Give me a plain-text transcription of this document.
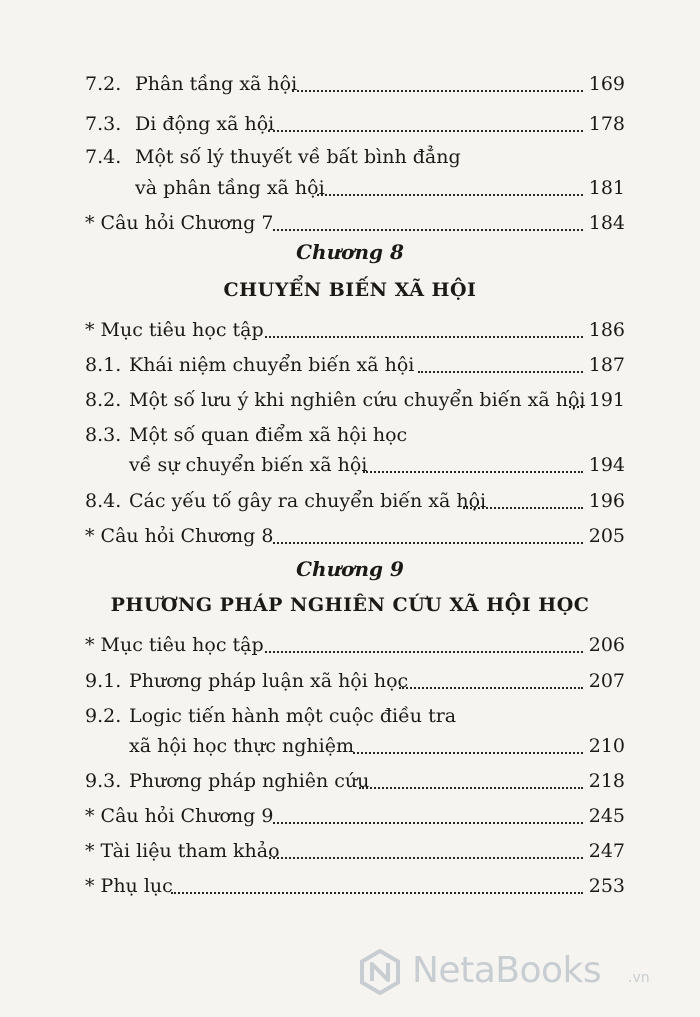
7.2. Phân tầng xã hội	169
7.3. Di động xã hội	178
7.4. Một số lý thuyết về bất bình đẳng
và phân tầng xã hội	181
* Câu hỏi Chương 7	184
Chương 8
CHUYỂN BIẾN XÃ HỘI
* Mục tiêu học tập	186
8.1. Khái niệm chuyển biến xã hội	187
8.2. Một số lưu ý khi nghiên cứu chuyển biến xã hội 191
8.3. Một số quan điểm xã hội học
về sự chuyển biến xã hội	194
8.4. Các yếu tố gây ra chuyển biến xã hội	196
* Câu hỏi Chương 8	205
Chương 9
PHƯƠNG PHÁP NGHIÊN CỨU XÃ HỘI HỌC
* Mục tiêu học tập	206
9.1. Phương pháp luận xã hội học	207
9.2. Logic tiến hành một cuộc điều tra
xã hội học thực nghiệm	210
9.3. Phương pháp nghiên cứu	218
* Câu hỏi Chương 9	245
* Tài liệu tham khảo	247
* Phụ lục	253
NetaBooks .vn
